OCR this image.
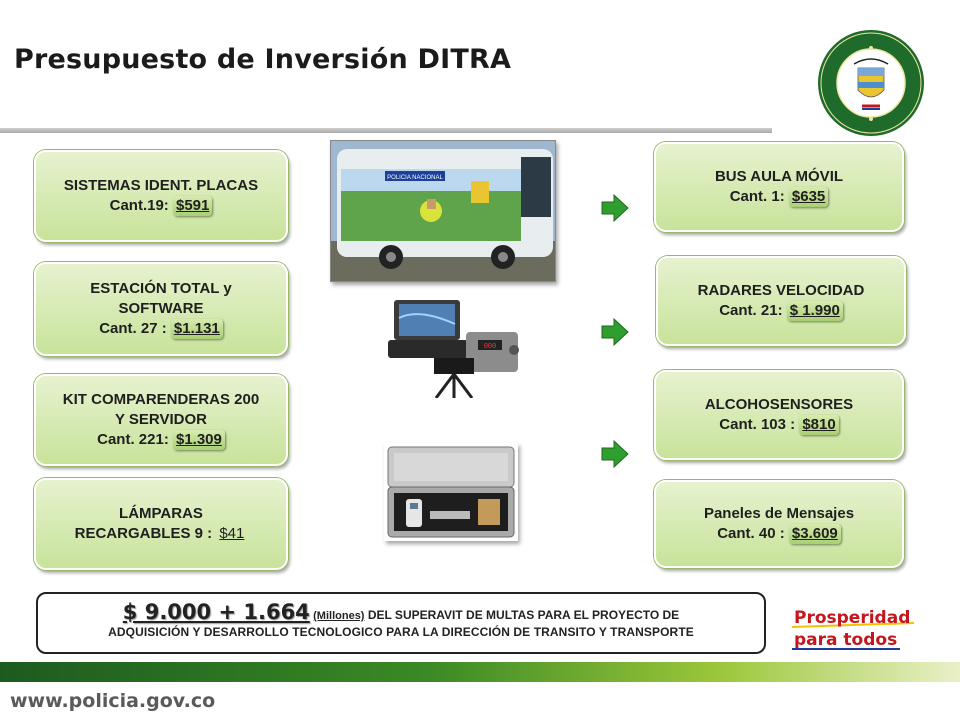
Presupuesto de Inversión DITRA
SISTEMAS IDENT. PLACAS
Cant.19: $591
ESTACIÓN TOTAL y
SOFTWARE
Cant. 27 : $1.131
KIT COMPARENDERAS 200
Y SERVIDOR
Cant. 221: $1.309
LÁMPARAS
RECARGABLES 9 : $41
POLICIA NACIONAL
000
BUS AULA MÓVIL
Cant. 1: $635
RADARES VELOCIDAD
Cant. 21: $ 1.990
ALCOHOSENSORES
Cant. 103 : $810
Paneles de Mensajes
Cant. 40 : $3.609
$ 9.000 + 1.664 (Millones) DEL SUPERAVIT DE MULTAS PARA EL PROYECTO DE
ADQUISICIÓN Y DESARROLLO TECNOLOGICO PARA LA DIRECCIÓN DE TRANSITO Y TRANSPORTE
Prosperidad
para todos
www.policia.gov.co
